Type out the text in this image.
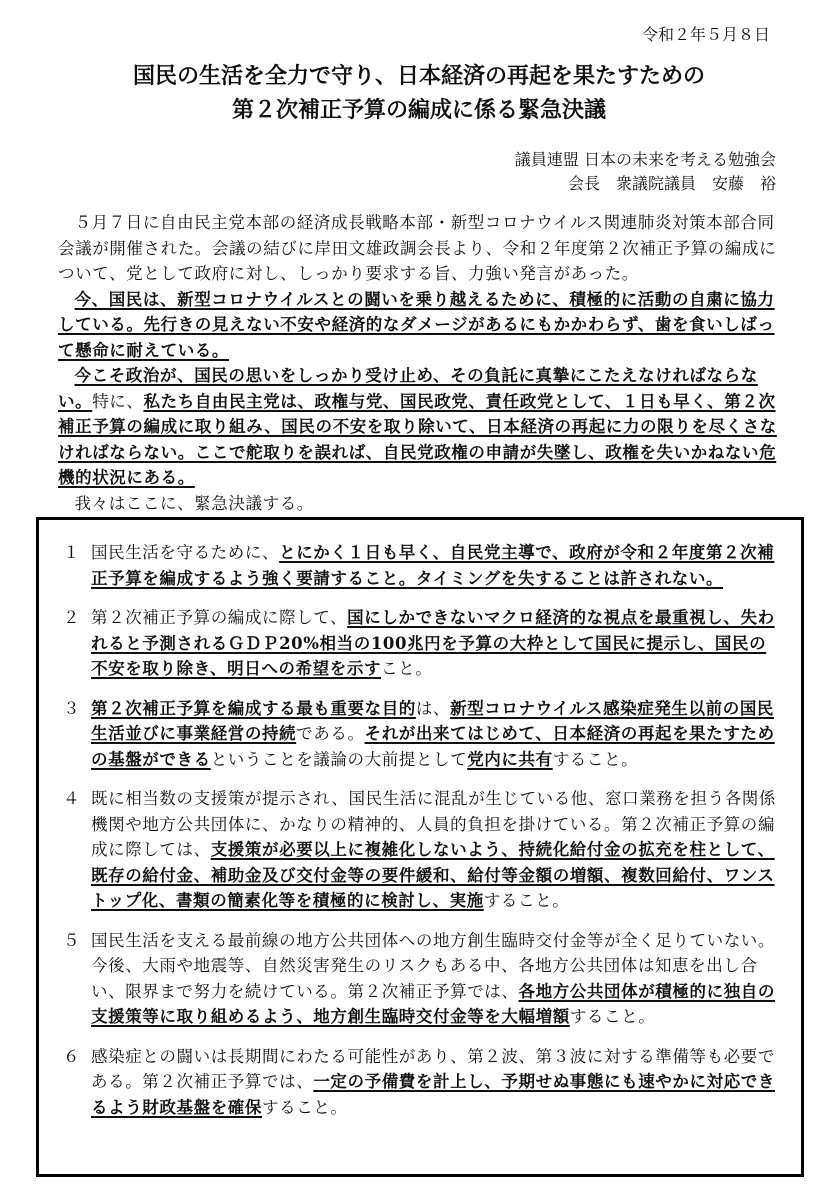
令和２年５月８日
国民の生活を全力で守り、日本経済の再起を果たすための
第２次補正予算の編成に係る緊急決議
議員連盟 日本の未来を考える勉強会
会長　衆議院議員　安藤　裕

５月７日に自由民主党本部の経済成長戦略本部・新型コロナウイルス関連肺炎対策本部合同会議が開催された。会議の結びに岸田文雄政調会長より、令和２年度第２次補正予算の編成について、党として政府に対し、しっかり要求する旨、力強い発言があった。

今、国民は、新型コロナウイルスとの闘いを乗り越えるために、積極的に活動の自粛に協力している。先行きの見えない不安や経済的なダメージがあるにもかかわらず、歯を食いしばって懸命に耐えている。

今こそ政治が、国民の思いをしっかり受け止め、その負託に真摯にこたえなければならない。特に、私たち自由民主党は、政権与党、国民政党、責任政党として、１日も早く、第２次補正予算の編成に取り組み、国民の不安を取り除いて、日本経済の再起に力の限りを尽くさなければならない。ここで舵取りを誤れば、自民党政権の申請が失墜し、政権を失いかねない危機的状況にある。

我々はここに、緊急決議する。

１ 国民生活を守るために、とにかく１日も早く、自民党主導で、政府が令和２年度第２次補正予算を編成するよう強く要請すること。タイミングを失することは許されない。
２ 第２次補正予算の編成に際して、国にしかできないマクロ経済的な視点を最重視し、失われると予測されるＧＤＰ20%相当の100兆円を予算の大枠として国民に提示し、国民の不安を取り除き、明日への希望を示すこと。
３ 第２次補正予算を編成する最も重要な目的は、新型コロナウイルス感染症発生以前の国民生活並びに事業経営の持続である。それが出来てはじめて、日本経済の再起を果たすための基盤ができるということを議論の大前提として党内に共有すること。
４ 既に相当数の支援策が提示され、国民生活に混乱が生じている他、窓口業務を担う各関係機関や地方公共団体に、かなりの精神的、人員的負担を掛けている。第２次補正予算の編成に際しては、支援策が必要以上に複雑化しないよう、持続化給付金の拡充を柱として、既存の給付金、補助金及び交付金等の要件緩和、給付等金額の増額、複数回給付、ワンストップ化、書類の簡素化等を積極的に検討し、実施すること。
５ 国民生活を支える最前線の地方公共団体への地方創生臨時交付金等が全く足りていない。今後、大雨や地震等、自然災害発生のリスクもある中、各地方公共団体は知恵を出し合い、限界まで努力を続けている。第２次補正予算では、各地方公共団体が積極的に独自の支援策等に取り組めるよう、地方創生臨時交付金等を大幅増額すること。
６ 感染症との闘いは長期間にわたる可能性があり、第２波、第３波に対する準備等も必要である。第２次補正予算では、一定の予備費を計上し、予期せぬ事態にも速やかに対応できるよう財政基盤を確保すること。
